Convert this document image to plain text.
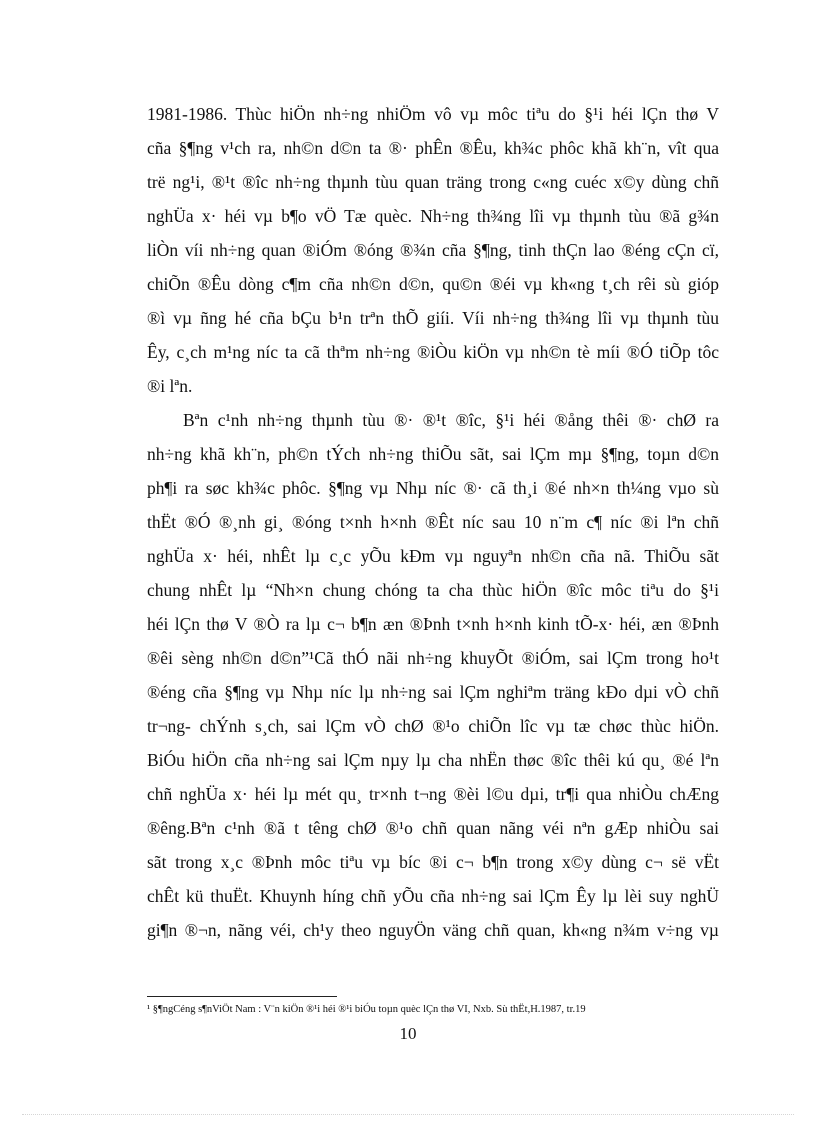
1981-1986. Thùc hiÖn nh÷ng nhiÖm vô vµ môc tiªu do §¹i héi lÇn thø V
cña §¶ng v¹ch ra, nh©n d©n ta ®· phÊn ®Êu, kh¾c phôc khã kh¨n, vît qua
trë ng¹i, ®¹t ®îc nh÷ng thµnh tùu quan träng trong c«ng cuéc x©y dùng chñ
nghÜa x· héi vµ b¶o vÖ Tæ quèc. Nh÷ng th¾ng lîi vµ thµnh tùu ®ã g¾n
liÒn víi nh÷ng quan ®iÓm ®óng ®¾n cña §¶ng, tinh thÇn lao ®éng cÇn cï,
chiÕn ®Êu dòng c¶m cña nh©n d©n, qu©n ®éi vµ kh«ng t¸ch rêi sù gióp
®ì vµ ñng hé cña bÇu b¹n trªn thÕ giíi. Víi nh÷ng th¾ng lîi vµ thµnh tùu
Êy, c¸ch m¹ng níc ta cã thªm nh÷ng ®iÒu kiÖn vµ nh©n tè míi ®Ó tiÕp tôc
®i lªn.
Bªn c¹nh nh÷ng thµnh tùu ®· ®¹t ®îc, §¹i héi ®ång thêi ®· chØ ra
nh÷ng khã kh¨n, ph©n tÝch nh÷ng thiÕu sãt, sai lÇm mµ §¶ng, toµn d©n
ph¶i ra søc kh¾c phôc. §¶ng vµ Nhµ níc ®· cã th¸i ®é nh×n th¼ng vµo sù
thËt ®Ó ®¸nh gi¸ ®óng t×nh h×nh ®Êt níc sau 10 n¨m c¶ níc ®i lªn chñ
nghÜa x· héi, nhÊt lµ c¸c yÕu kÐm vµ nguyªn nh©n cña nã. ThiÕu sãt
chung nhÊt lµ “Nh×n chung chóng ta cha thùc hiÖn ®îc môc tiªu do §¹i
héi lÇn thø V ®Ò ra lµ c¬ b¶n æn ®Þnh t×nh h×nh kinh tÕ-x· héi, æn ®Þnh
®êi sèng nh©n d©n”¹Cã thÓ nãi nh÷ng khuyÕt ®iÓm, sai lÇm trong ho¹t
®éng cña §¶ng vµ Nhµ níc lµ nh÷ng sai lÇm nghiªm träng kÐo dµi vÒ chñ
tr¬ng- chÝnh s¸ch, sai lÇm vÒ chØ ®¹o chiÕn lîc vµ tæ chøc thùc hiÖn.
BiÓu hiÖn cña nh÷ng sai lÇm nµy lµ cha nhËn thøc ®îc thêi kú qu¸ ®é lªn
chñ nghÜa x· héi lµ mét qu¸ tr×nh t¬ng ®èi l©u dµi, tr¶i qua nhiÒu chÆng
®êng.Bªn c¹nh ®ã t têng chØ ®¹o chñ quan nãng véi nªn gÆp nhiÒu sai
sãt trong x¸c ®Þnh môc tiªu vµ bíc ®i c¬ b¶n trong x©y dùng c¬ së vËt
chÊt kü thuËt. Khuynh híng chñ yÕu cña nh÷ng sai lÇm Êy lµ lèi suy nghÜ
gi¶n ®¬n, nãng véi, ch¹y theo nguyÖn väng chñ quan, kh«ng n¾m v÷ng vµ
¹ §¶ngCéng s¶nViÖt Nam : V¨n kiÖn ®¹i héi ®¹i biÓu toµn quèc lÇn thø VI, Nxb. Sù thËt,H.1987, tr.19
10
